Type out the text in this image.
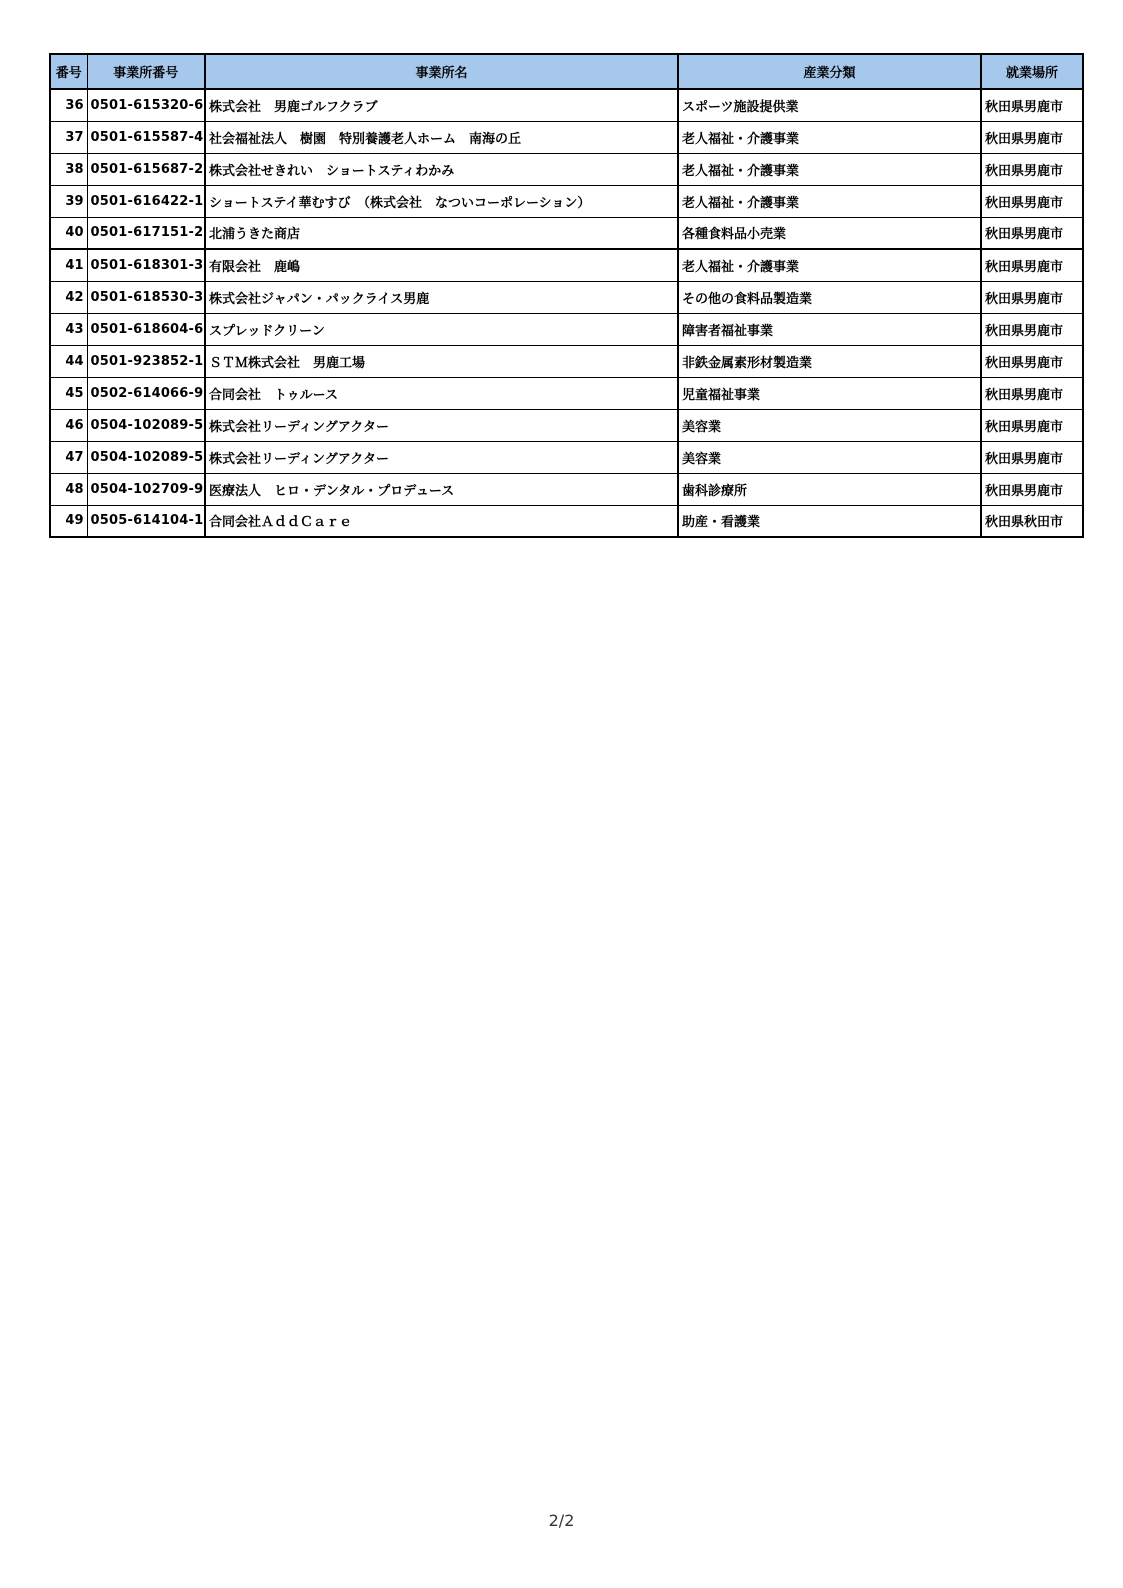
番号	事業所番号	事業所名	産業分類	就業場所
36	0501-615320-6	株式会社　男鹿ゴルフクラブ	スポーツ施設提供業	秋田県男鹿市
37	0501-615587-4	社会福祉法人　樹園　特別養護老人ホーム　南海の丘	老人福祉・介護事業	秋田県男鹿市
38	0501-615687-2	株式会社せきれい　ショートスティわかみ	老人福祉・介護事業	秋田県男鹿市
39	0501-616422-1	ショートステイ華むすび　（株式会社　なついコーポレーション）	老人福祉・介護事業	秋田県男鹿市
40	0501-617151-2	北浦うきた商店	各種食料品小売業	秋田県男鹿市
41	0501-618301-3	有限会社　鹿嶋	老人福祉・介護事業	秋田県男鹿市
42	0501-618530-3	株式会社ジャパン・パックライス男鹿	その他の食料品製造業	秋田県男鹿市
43	0501-618604-6	スプレッドクリーン	障害者福祉事業	秋田県男鹿市
44	0501-923852-1	ＳＴＭ株式会社　男鹿工場	非鉄金属素形材製造業	秋田県男鹿市
45	0502-614066-9	合同会社　トゥルース	児童福祉事業	秋田県男鹿市
46	0504-102089-5	株式会社リーディングアクター	美容業	秋田県男鹿市
47	0504-102089-5	株式会社リーディングアクター	美容業	秋田県男鹿市
48	0504-102709-9	医療法人　ヒロ・デンタル・プロデュース	歯科診療所	秋田県男鹿市
49	0505-614104-1	合同会社ＡｄｄＣａｒｅ	助産・看護業	秋田県秋田市
2/2
